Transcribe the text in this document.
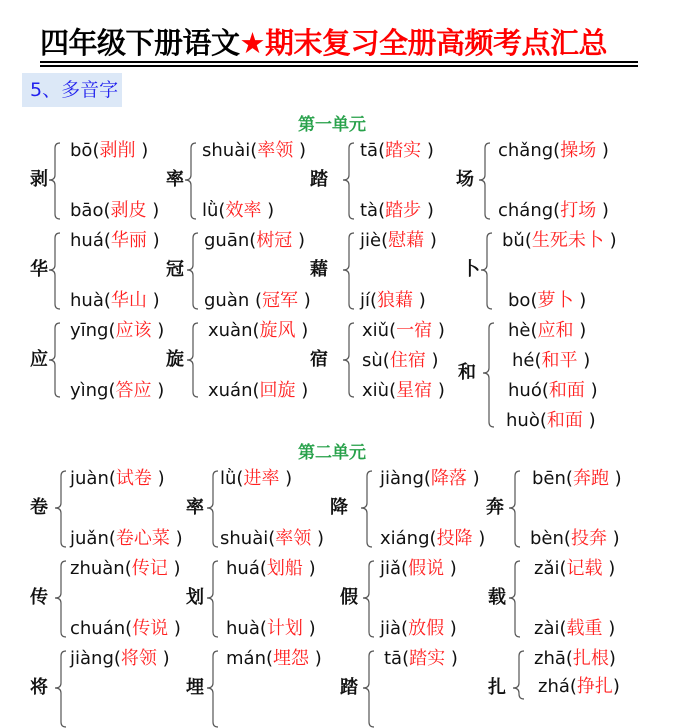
四年级下册语文★期末复习全册高频考点汇总
5、多音字
第一单元
剥
bō(剥削 )
bāo(剥皮 )
率
shuài(率领 )
lǜ(效率 )
踏
tā(踏实 )
tà(踏步 )
场
chǎng(操场 )
cháng(打场 )
华
huá(华丽 )
huà(华山 )
冠
guān(树冠 )
guàn (冠军 )
藉
jiè(慰藉 )
jí(狼藉 )
卜
bǔ(生死未卜 )
bo(萝卜 )
应
yīng(应该 )
yìng(答应 )
旋
xuàn(旋风 )
xuán(回旋 )
宿
xiǔ(一宿 )
sù(住宿 )
xiù(星宿 )
和
hè(应和 )
hé(和平 )
huó(和面 )
huò(和面 )
第二单元
卷
juàn(试卷 )
juǎn(卷心菜 )
率
lǜ(进率 )
shuài(率领 )
降
jiàng(降落 )
xiáng(投降 )
奔
bēn(奔跑 )
bèn(投奔 )
传
zhuàn(传记 )
chuán(传说 )
划
huá(划船 )
huà(计划 )
假
jiǎ(假说 )
jià(放假 )
载
zǎi(记载 )
zài(载重 )
将
jiàng(将领 )
埋
mán(埋怨 )
踏
tā(踏实 )
扎
zhā(扎根)
zhá(挣扎)
